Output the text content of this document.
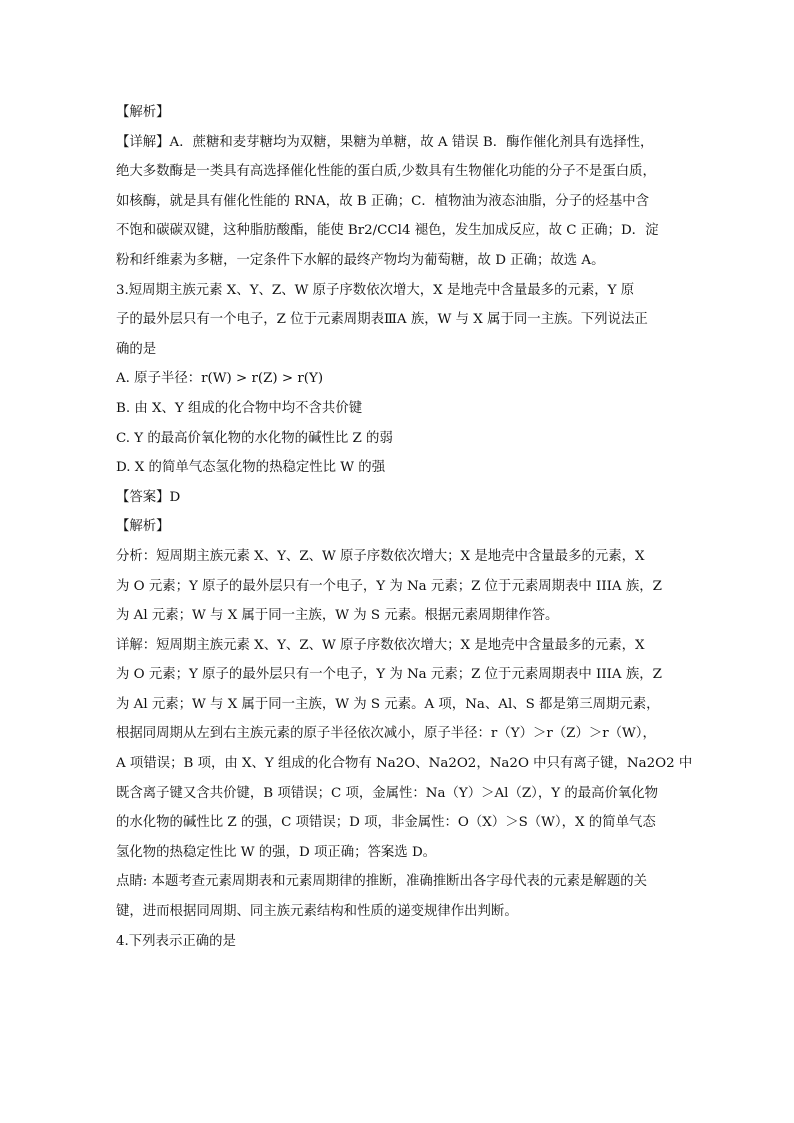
【解析】

【详解】A．蔗糖和麦芽糖均为双糖，果糖为单糖，故 A 错误 B．酶作催化剂具有选择性，

绝大多数酶是一类具有高选择催化性能的蛋白质,少数具有生物催化功能的分子不是蛋白质，

如核酶，就是具有催化性能的 RNA，故 B 正确；C．植物油为液态油脂，分子的烃基中含

不饱和碳碳双键，这种脂肪酸酯，能使 Br2/CCl4 褪色，发生加成反应，故 C 正确；D．淀

粉和纤维素为多糖，一定条件下水解的最终产物均为葡萄糖，故 D 正确；故选 A。

3.短周期主族元素 X、Y、Z、W 原子序数依次增大，X 是地壳中含量最多的元素，Y 原

子的最外层只有一个电子，Z 位于元素周期表ⅢA 族，W 与 X 属于同一主族。下列说法正

确的是

A. 原子半径：r(W) > r(Z) > r(Y)

B. 由 X、Y 组成的化合物中均不含共价键

C. Y 的最高价氧化物的水化物的碱性比 Z 的弱

D. X 的简单气态氢化物的热稳定性比 W 的强

【答案】D

【解析】

分析：短周期主族元素 X、Y、Z、W 原子序数依次增大；X 是地壳中含量最多的元素，X

为 O 元素；Y 原子的最外层只有一个电子，Y 为 Na 元素；Z 位于元素周期表中 IIIA 族，Z

为 Al 元素；W 与 X 属于同一主族，W 为 S 元素。根据元素周期律作答。

详解：短周期主族元素 X、Y、Z、W 原子序数依次增大；X 是地壳中含量最多的元素，X

为 O 元素；Y 原子的最外层只有一个电子，Y 为 Na 元素；Z 位于元素周期表中 IIIA 族，Z

为 Al 元素；W 与 X 属于同一主族，W 为 S 元素。A 项，Na、Al、S 都是第三周期元素，

根据同周期从左到右主族元素的原子半径依次减小，原子半径：r（Y）＞r（Z）＞r（W），

A 项错误；B 项，由 X、Y 组成的化合物有 Na2O、Na2O2，Na2O 中只有离子键，Na2O2 中

既含离子键又含共价键，B 项错误；C 项，金属性：Na（Y）＞Al（Z），Y 的最高价氧化物

的水化物的碱性比 Z 的强，C 项错误；D 项，非金属性：O（X）＞S（W），X 的简单气态

氢化物的热稳定性比 W 的强，D 项正确；答案选 D。

点睛: 本题考查元素周期表和元素周期律的推断，准确推断出各字母代表的元素是解题的关

键，进而根据同周期、同主族元素结构和性质的递变规律作出判断。

4.下列表示正确的是
